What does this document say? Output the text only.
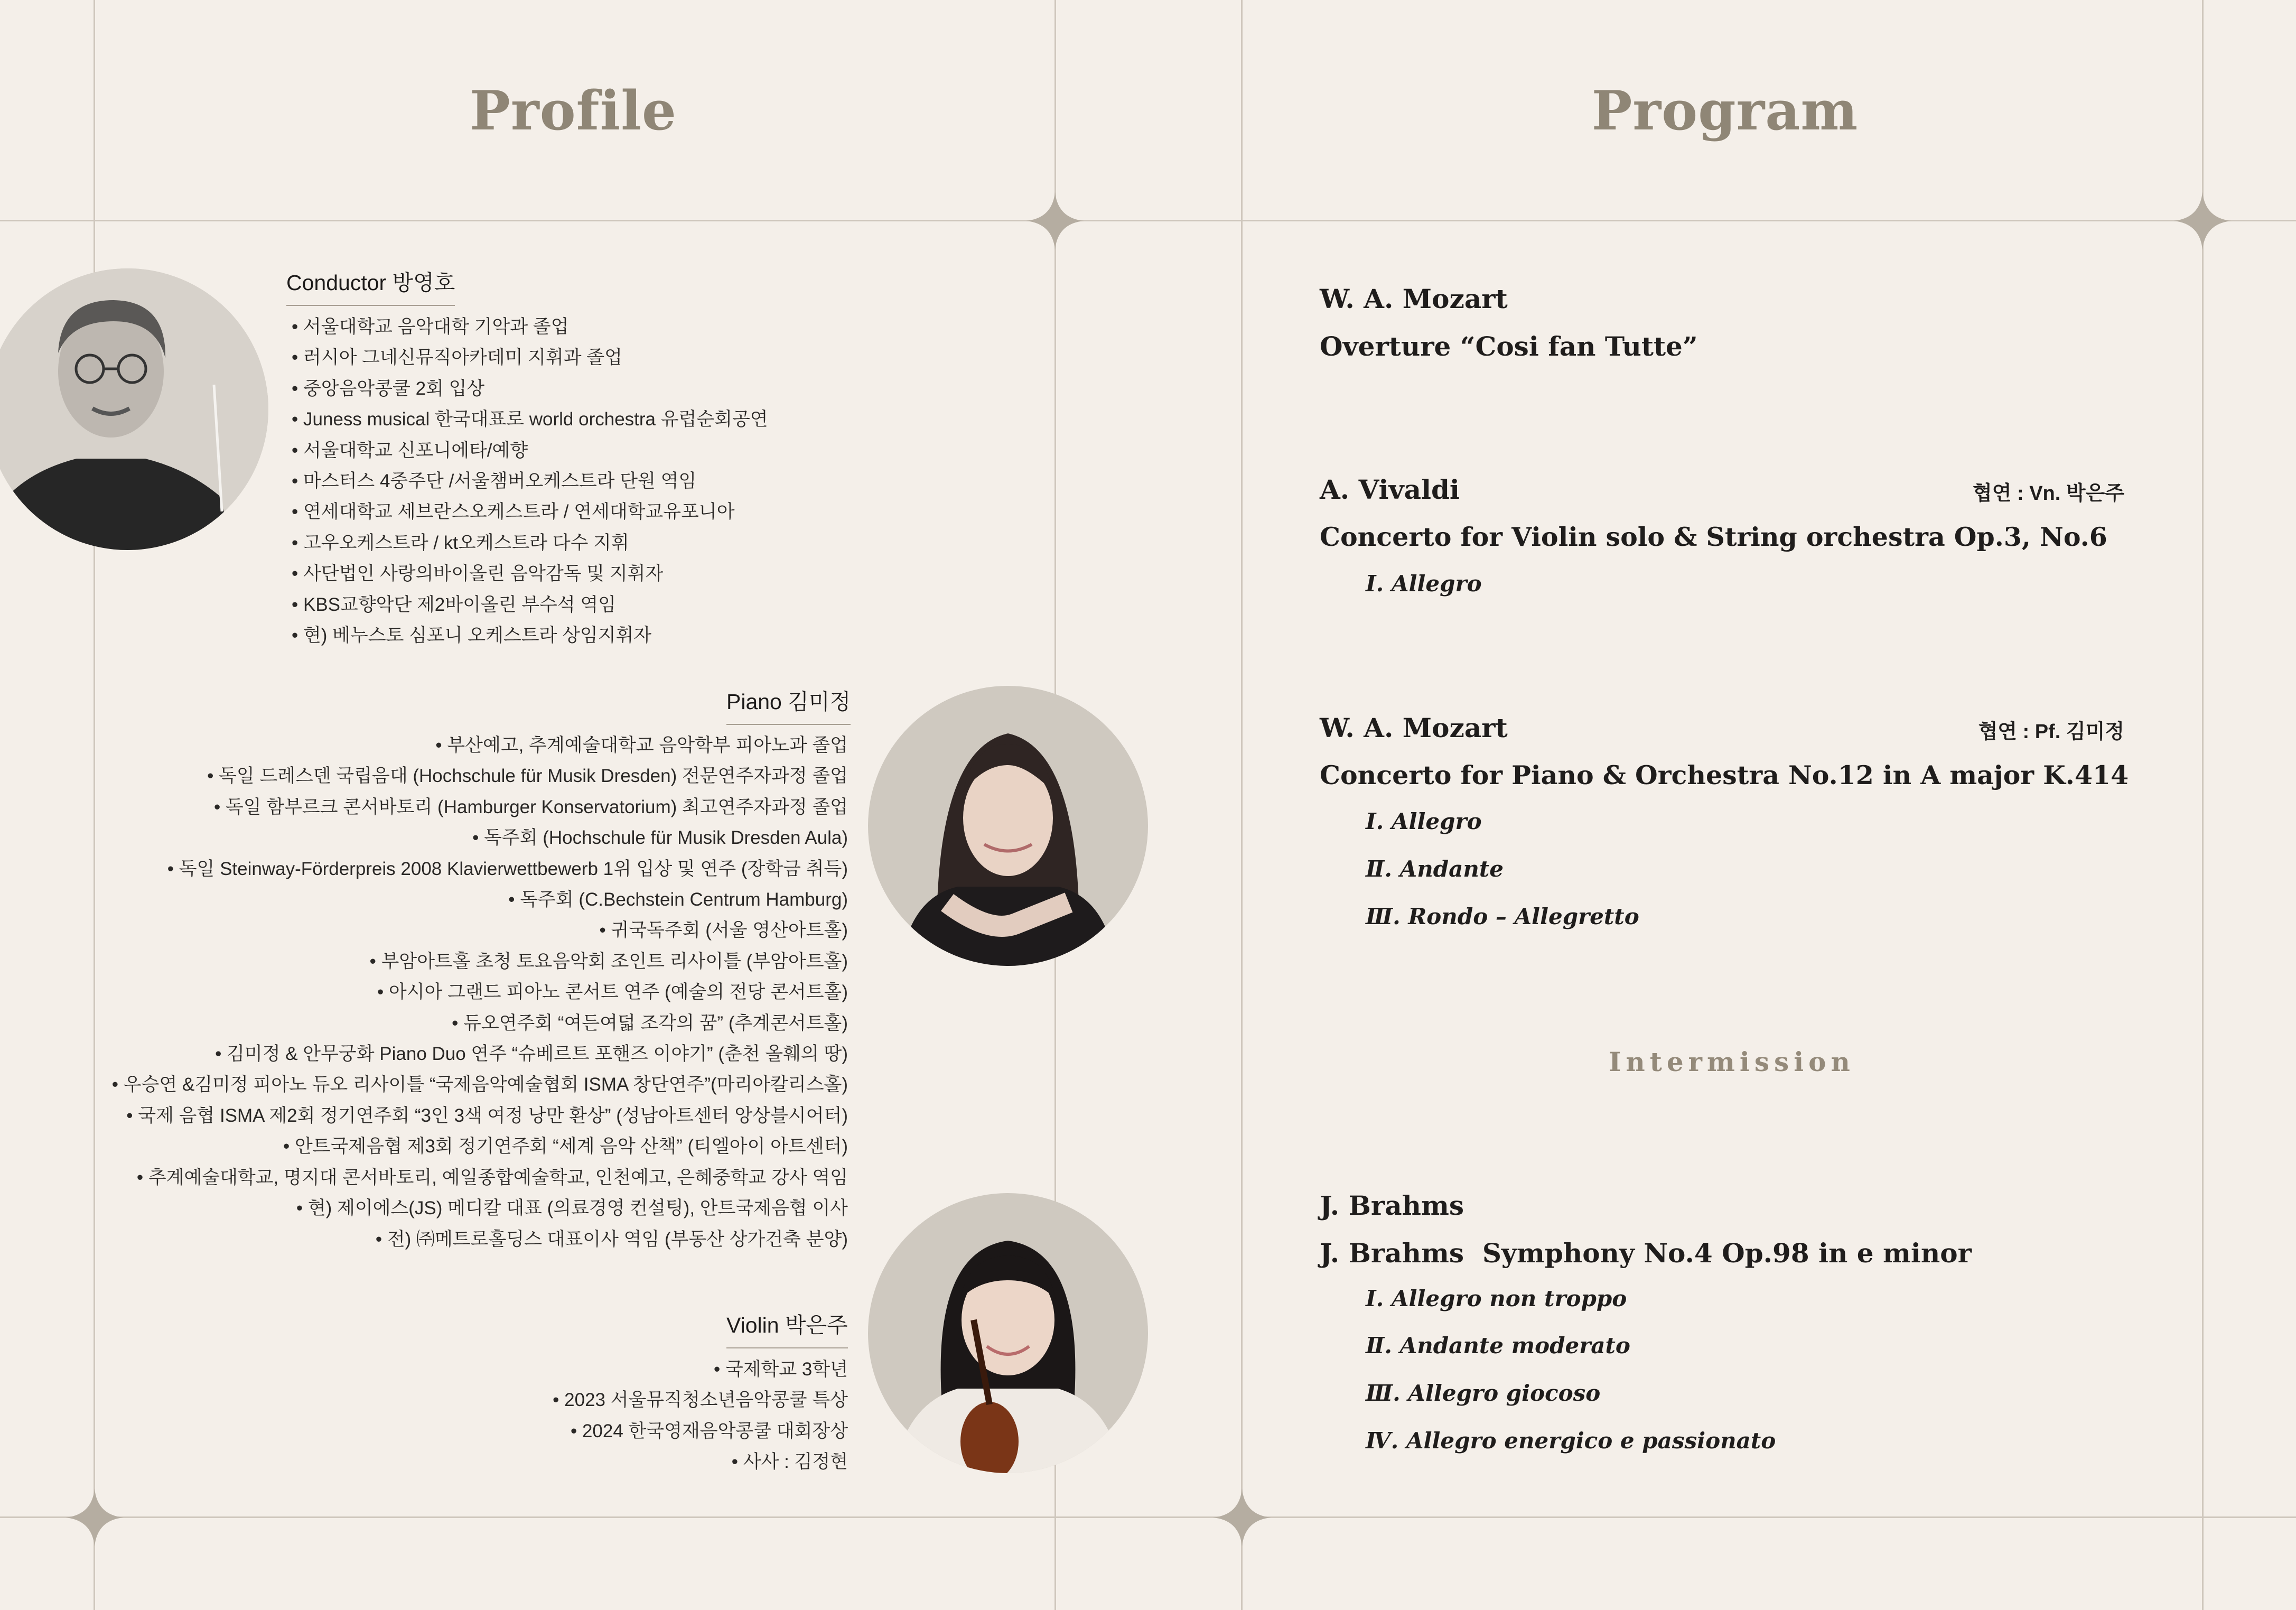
Profile	Program
Conductor 방영호
• 서울대학교 음악대학 기악과 졸업
• 러시아 그네신뮤직아카데미 지휘과 졸업
• 중앙음악콩쿨 2회 입상
• Juness musical 한국대표로 world orchestra 유럽순회공연
• 서울대학교 신포니에타/예향
• 마스터스 4중주단 /서울챔버오케스트라 단원 역임
• 연세대학교 세브란스오케스트라 / 연세대학교유포니아
• 고우오케스트라 / kt오케스트라 다수 지휘
• 사단법인 사랑의바이올린 음악감독 및 지휘자
• KBS교향악단 제2바이올린 부수석 역임
• 현) 베누스토 심포니 오케스트라 상임지휘자
Piano 김미정
• 부산예고, 추계예술대학교 음악학부 피아노과 졸업
• 독일 드레스덴 국립음대 (Hochschule für Musik Dresden) 전문연주자과정 졸업
• 독일 함부르크 콘서바토리 (Hamburger Konservatorium) 최고연주자과정 졸업
• 독주회 (Hochschule für Musik Dresden Aula)
• 독일 Steinway-Förderpreis 2008 Klavierwettbewerb 1위 입상 및 연주 (장학금 취득)
• 독주회 (C.Bechstein Centrum Hamburg)
• 귀국독주회 (서울 영산아트홀)
• 부암아트홀 초청 토요음악회 조인트 리사이틀 (부암아트홀)
• 아시아 그랜드 피아노 콘서트 연주 (예술의 전당 콘서트홀)
• 듀오연주회 “여든여덟 조각의 꿈” (추계콘서트홀)
• 김미정 & 안무궁화 Piano Duo 연주 “슈베르트 포핸즈 이야기” (춘천 올훼의 땅)
• 우승연 &김미정 피아노 듀오 리사이틀 “국제음악예술협회 ISMA 창단연주”(마리아칼리스홀)
• 국제 음협 ISMA 제2회 정기연주회 “3인 3색 여정 낭만 환상” (성남아트센터 앙상블시어터)
• 안트국제음협 제3회 정기연주회 “세계 음악 산책” (티엘아이 아트센터)
• 추계예술대학교, 명지대 콘서바토리, 예일종합예술학교, 인천예고, 은혜중학교 강사 역임
• 현) 제이에스(JS) 메디칼 대표 (의료경영 컨설팅), 안트국제음협 이사
• 전) ㈜메트로홀딩스 대표이사 역임 (부동산 상가건축 분양)
Violin 박은주
• 국제학교 3학년
• 2023 서울뮤직청소년음악콩쿨 특상
• 2024 한국영재음악콩쿨 대회장상
• 사사 : 김정현
W. A. Mozart
Overture “Cosi fan Tutte”
A. Vivaldi	협연 : Vn. 박은주
Concerto for Violin solo & String orchestra Op.3, No.6
Ⅰ. Allegro
W. A. Mozart	협연 : Pf. 김미정
Concerto for Piano & Orchestra No.12 in A major K.414
Ⅰ. Allegro
Ⅱ. Andante
Ⅲ. Rondo – Allegretto
Intermission
J. Brahms
J. Brahms  Symphony No.4 Op.98 in e minor
Ⅰ. Allegro non troppo
Ⅱ. Andante moderato
Ⅲ. Allegro giocoso
Ⅳ. Allegro energico e passionato
